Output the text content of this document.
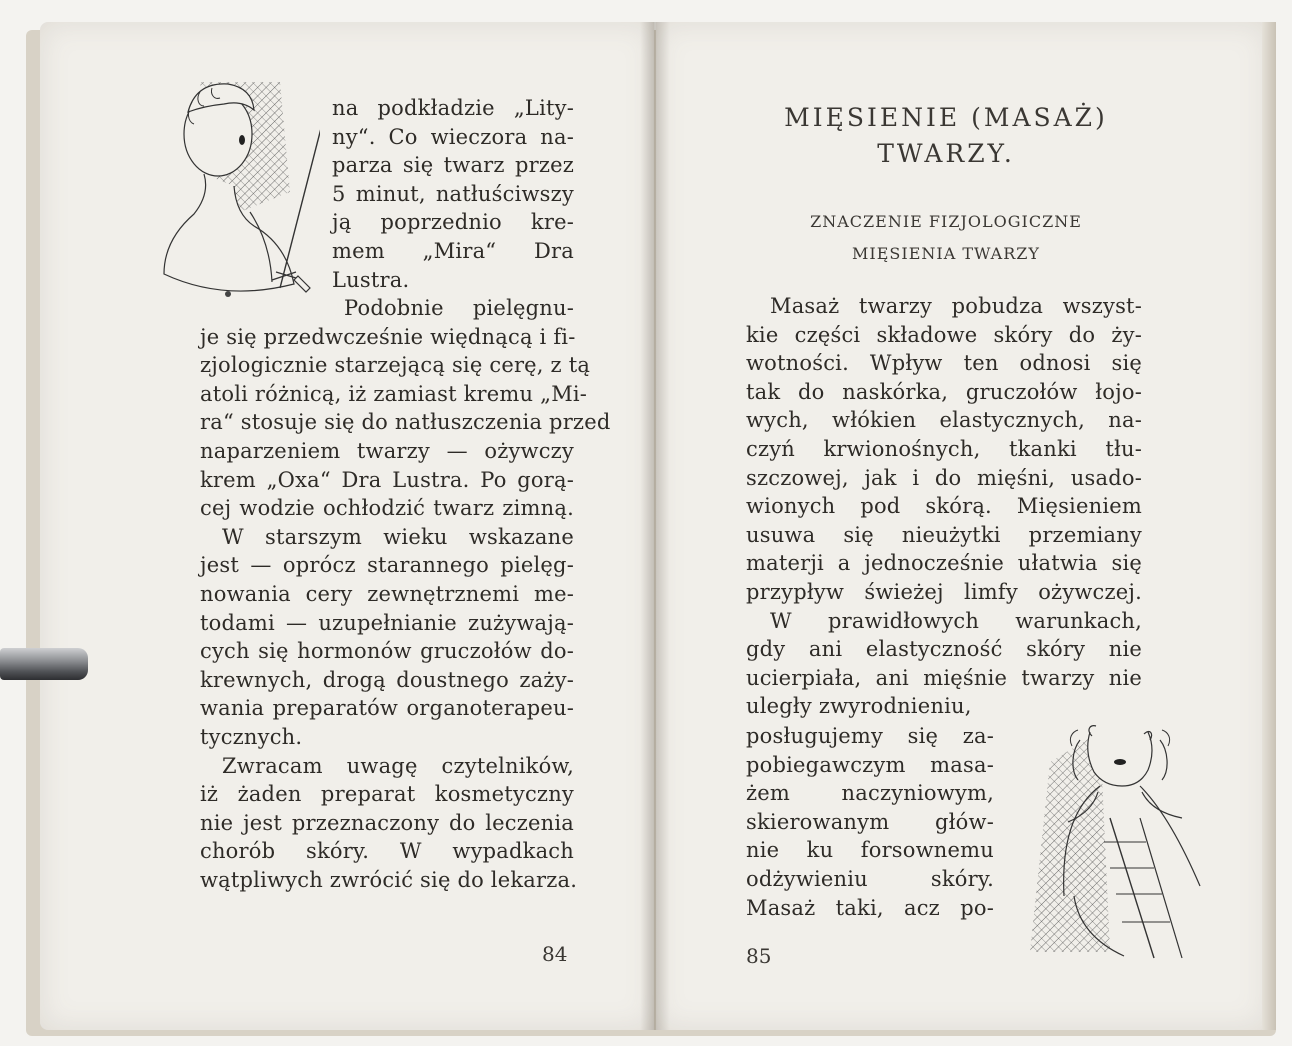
na podkładzie „Lity-
ny“. Co wieczora na-
parza się twarz przez
5 minut, natłuściwszy
ją poprzednio kre-
mem „Mira“ Dra
Lustra.
Podobnie pielęgnu-
je się przedwcześnie więdnącą i fi-
zjologicznie starzejącą się cerę, z tą
atoli różnicą, iż zamiast kremu „Mi-
ra“ stosuje się do natłuszczenia przed
naparzeniem twarzy — ożywczy
krem „Oxa“ Dra Lustra. Po gorą-
cej wodzie ochłodzić twarz zimną.
W starszym wieku wskazane
jest — oprócz starannego pielęg-
nowania cery zewnętrznemi me-
todami — uzupełnianie zużywają-
cych się hormonów gruczołów do-
krewnych, drogą doustnego zaży-
wania preparatów organoterapeu-
tycznych.
Zwracam uwagę czytelników,
iż żaden preparat kosmetyczny
nie jest przeznaczony do leczenia
chorób skóry. W wypadkach
wątpliwych zwrócić się do lekarza.
84
MIĘSIENIE (MASAŻ)
TWARZY.
ZNACZENIE FIZJOLOGICZNE
MIĘSIENIA TWARZY
Masaż twarzy pobudza wszyst-
kie części składowe skóry do ży-
wotności. Wpływ ten odnosi się
tak do naskórka, gruczołów łojo-
wych, włókien elastycznych, na-
czyń krwionośnych, tkanki tłu-
szczowej, jak i do mięśni, usado-
wionych pod skórą. Mięsieniem
usuwa się nieużytki przemiany
materji a jednocześnie ułatwia się
przypływ świeżej limfy ożywczej.
W prawidłowych warunkach,
gdy ani elastyczność skóry nie
ucierpiała, ani mięśnie twarzy nie
uległy zwyrodnieniu,
posługujemy się za-
pobiegawczym masa-
żem naczyniowym,
skierowanym głów-
nie ku forsownemu
odżywieniu skóry.
Masaż taki, acz po-
85
